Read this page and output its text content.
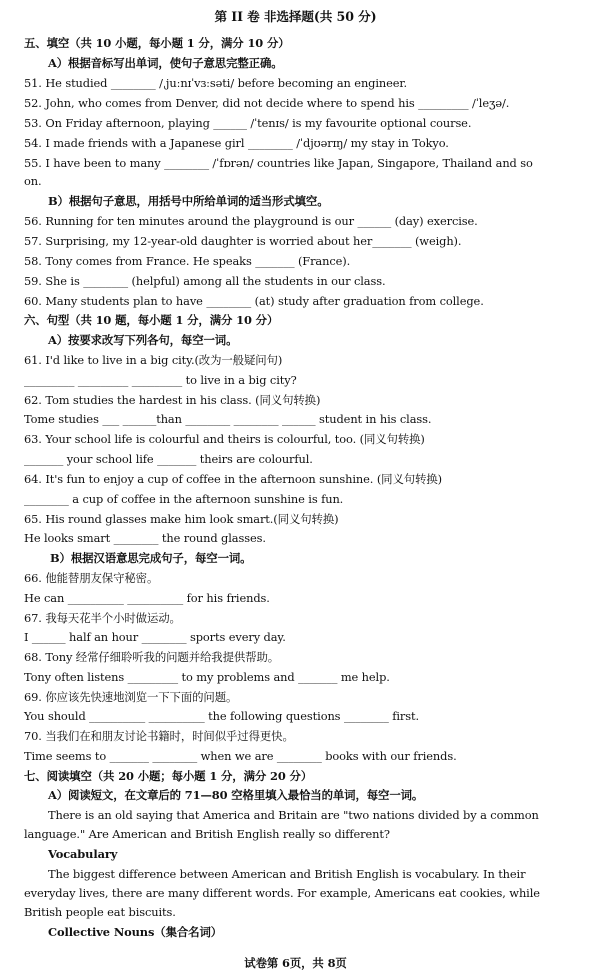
第 II 卷 非选择题(共 50 分)
五、填空（共 10 小题，每小题 1 分，满分 10 分）
A）根据音标写出单词，使句子意思完整正确。
51. He studied ________ /ˌjuːnɪˈvɜːsəti/ before becoming an engineer.
52. John, who comes from Denver, did not decide where to spend his _________ /ˈleʒə/.
53. On Friday afternoon, playing ______ /ˈtenɪs/ is my favourite optional course.
54. I made friends with a Japanese girl ________ /ˈdjʊərɪŋ/ my stay in Tokyo.
55. I have been to many ________ /ˈfɒrən/ countries like Japan, Singapore, Thailand and so
on.
B）根据句子意思，用括号中所给单词的适当形式填空。
56. Running for ten minutes around the playground is our ______ (day) exercise.
57. Surprising, my 12-year-old daughter is worried about her_______ (weigh).
58. Tony comes from France. He speaks _______ (France).
59. She is ________ (helpful) among all the students in our class.
60. Many students plan to have ________ (at) study after graduation from college.
六、句型（共 10 题，每小题 1 分，满分 10 分）
A）按要求改写下列各句，每空一词。
61. I'd like to live in a big city.(改为一般疑问句)
_________ _________ _________ to live in a big city?
62. Tom studies the hardest in his class. (同义句转换)
Tome studies ___ ______than ________ ________ ______ student in his class.
63. Your school life is colourful and theirs is colourful, too. (同义句转换)
_______ your school life _______ theirs are colourful.
64. It's fun to enjoy a cup of coffee in the afternoon sunshine. (同义句转换)
________ a cup of coffee in the afternoon sunshine is fun.
65. His round glasses make him look smart.(同义句转换)
He looks smart ________ the round glasses.
B）根据汉语意思完成句子，每空一词。
66. 他能替朋友保守秘密。
He can __________ __________ for his friends.
67. 我每天花半个小时做运动。
I ______ half an hour ________ sports every day.
68. Tony 经常仔细聆听我的问题并给我提供帮助。
Tony often listens _________ to my problems and _______ me help.
69. 你应该先快速地浏览一下下面的问题。
You should __________ __________ the following questions ________ first.
70. 当我们在和朋友讨论书籍时，时间似乎过得更快。
Time seems to _______ ________ when we are ________ books with our friends.
七、阅读填空（共 20 小题；每小题 1 分，满分 20 分）
A）阅读短文，在文章后的 71—80 空格里填入最恰当的单词，每空一词。
There is an old saying that America and Britain are "two nations divided by a common
language." Are American and British English really so different?
Vocabulary
The biggest difference between American and British English is vocabulary. In their
everyday lives, there are many different words. For example, Americans eat cookies, while
British people eat biscuits.
Collective Nouns（集合名词）
试卷第 6页，共 8页
